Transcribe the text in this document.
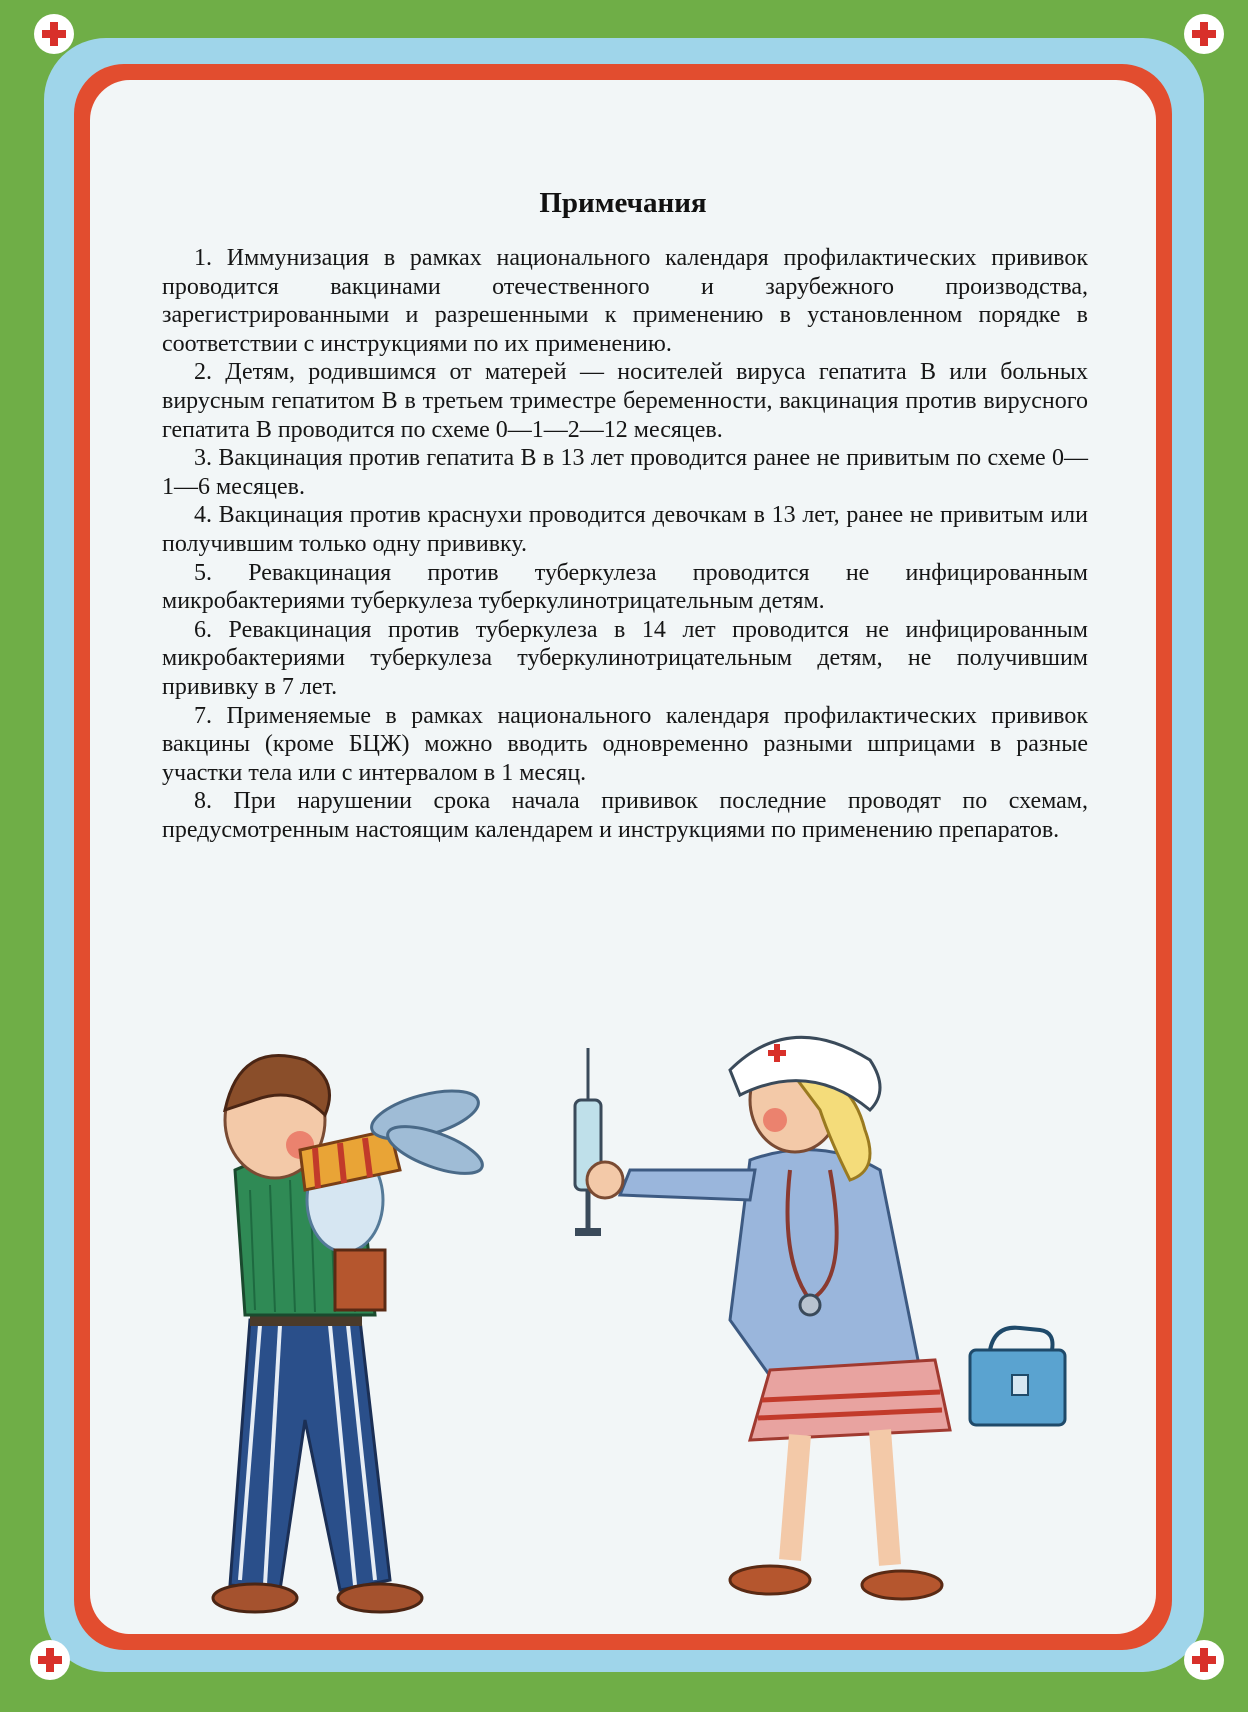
Примечания

1. Иммунизация в рамках национального календаря профилактических прививок проводится вакцинами отечественного и зарубежного производства, зарегистрированными и разрешенными к применению в установленном порядке в соответствии с инструкциями по их применению.

2. Детям, родившимся от матерей — носителей вируса гепатита В или больных вирусным гепатитом В в третьем триместре беременности, вакцинация против вирусного гепатита В проводится по схеме 0—1—2—12 месяцев.

3. Вакцинация против гепатита В в 13 лет проводится ранее не привитым по схеме 0—1—6 месяцев.

4. Вакцинация против краснухи проводится девочкам в 13 лет, ранее не привитым или получившим только одну прививку.

5. Ревакцинация против туберкулеза проводится не инфицированным микробактериями туберкулеза туберкулинотрицательным детям.

6. Ревакцинация против туберкулеза в 14 лет проводится не инфицированным микробактериями туберкулеза туберкулинотрицательным детям, не получившим прививку в 7 лет.

7. Применяемые в рамках национального календаря профилактических прививок вакцины (кроме БЦЖ) можно вводить одновременно разными шприцами в разные участки тела или с интервалом в 1 месяц.

8. При нарушении срока начала прививок последние проводят по схемам, предусмотренным настоящим календарем и инструкциями по применению препаратов.
